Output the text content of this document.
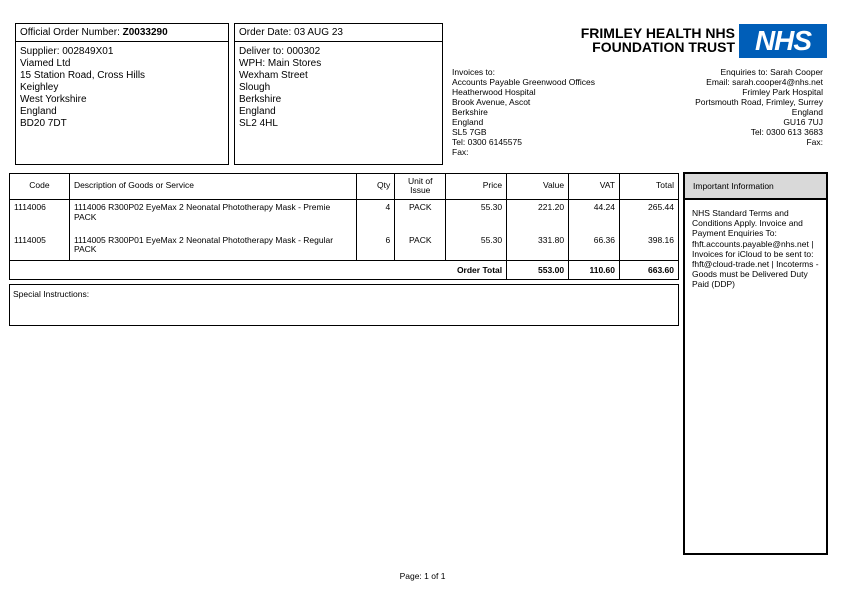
Official Order Number: Z0033290
Supplier: 002849X01
Viamed Ltd
15 Station Road, Cross Hills
Keighley
West Yorkshire
England
BD20 7DT
Order Date: 03 AUG 23
Deliver to: 000302
WPH: Main Stores
Wexham Street
Slough
Berkshire
England
SL2 4HL
FRIMLEY HEALTH NHS
FOUNDATION TRUST NHS
Invoices to:
Accounts Payable Greenwood Offices
Heatherwood Hospital
Brook Avenue, Ascot
Berkshire
England
SL5 7GB
Tel: 0300 6145575
Fax:
Enquiries to: Sarah Cooper
Email: sarah.cooper4@nhs.net
Frimley Park Hospital
Portsmouth Road, Frimley, Surrey
England
GU16 7UJ
Tel: 0300 613 3683
Fax:
Code	Description of Goods or Service	Qty	Unit of Issue	Price	Value	VAT	Total
1114006	1114006 R300P02 EyeMax 2 Neonatal Phototherapy Mask - Premie PACK	4	PACK	55.30	221.20	44.24	265.44
1114005	1114005 R300P01 EyeMax 2 Neonatal Phototherapy Mask - Regular PACK	6	PACK	55.30	331.80	66.36	398.16
Order Total					553.00	110.60	663.60
Special Instructions:
Important Information
NHS Standard Terms and Conditions Apply. Invoice and Payment Enquiries To: fhft.accounts.payable@nhs.net | Invoices for iCloud to be sent to: fhft@cloud-trade.net | Incoterms - Goods must be Delivered Duty Paid (DDP)
Page: 1 of 1
